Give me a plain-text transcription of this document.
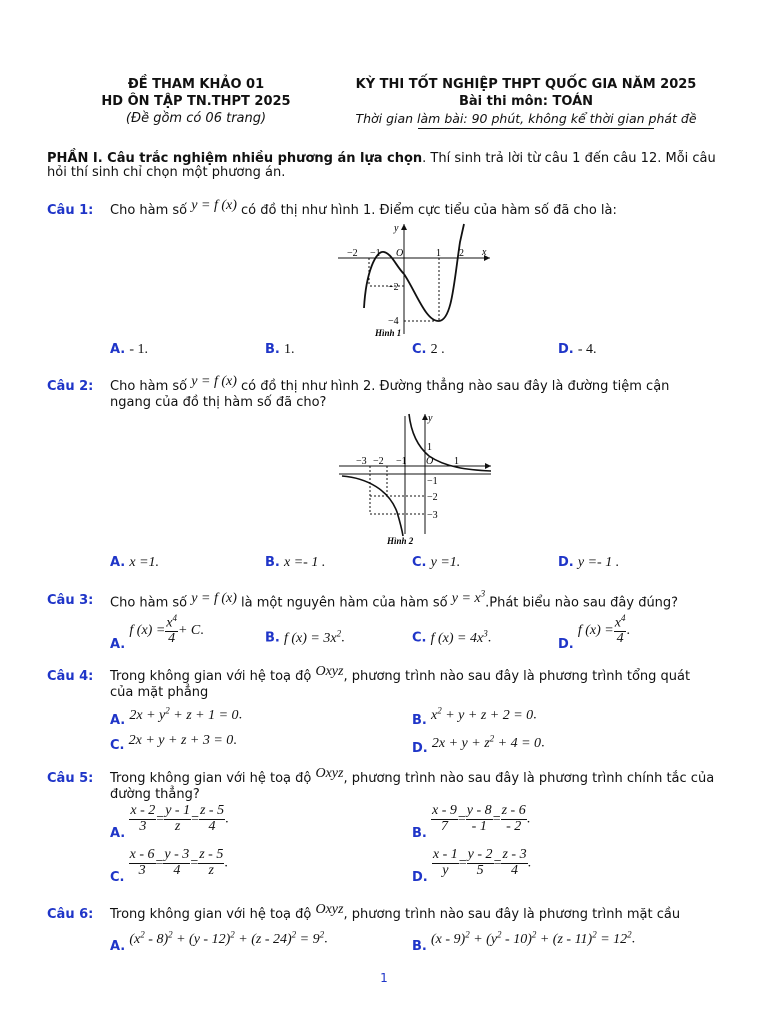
ĐỀ THAM KHẢO 01
HD ÔN TẬP TN.THPT 2025
(Đề gồm có 06 trang)
KỲ THI TỐT NGHIỆP THPT QUỐC GIA NĂM 2025
Bài thi môn: TOÁN
Thời gian làm bài: 90 phút, không kể thời gian phát đề
PHẦN I. Câu trắc nghiệm nhiều phương án lựa chọn. Thí sinh trả lời từ câu 1 đến câu 12. Mỗi câu
hỏi thí sinh chỉ chọn một phương án.
Câu 1: Cho hàm số y = f (x) có đồ thị như hình 1. Điểm cực tiểu của hàm số đã cho là:
y
x
−2 −1 O	1 2
−2
−4
Hình 1
A. - 1.	B. 1.	C. 2 .	D. - 4.
Câu 2: Cho hàm số y = f (x) có đồ thị như hình 2. Đường thẳng nào sau đây là đường tiệm cận
ngang của đồ thị hàm số đã cho?
y
1
−3 −2 −1 O 1
−1
−2
−3
Hình 2
A. x =1.	B. x =- 1 .	C. y =1.	D. y =- 1 .
Câu 3: Cho hàm số y = f (x) là một nguyên hàm của hàm số $y = x^3.Phát$ biểu nào sau đây đúng?
A. f $(x) = \frac{x^4}{4} + C$.
B. f $(x) = 3x^2$.	C. f $(x) = 4x^3$.	D. f $(x) = \frac{x^4}{4}$ .
Câu 4: Trong không gian với hệ toạ độ Oxyz, phương trình nào sau đây là phương trình tổng quát
của mặt phẳng
A. $2x + y^2 + z + 1 = 0$.	B. $x^2 + y + z + 2 = 0$.
C. 2x + y + z + 3 = 0.
D. $2x + y + z^2 + 4 = 0$.
Câu 5: Trong không gian với hệ toạ độ Oxyz, phương trình nào sau đây là phương trình chính tắc của
đường thẳng?
A. $\frac{x - 2}{3} = \frac{y - 1}{z} = \frac{z - 5}{4}$ .
B. $\frac{x - 9}{7} = \frac{y - 8}{- 1} = \frac{z - 6}{- 2}$ .
C. $\frac{x - 6}{3} = \frac{y - 3}{4} = \frac{z - 5}{z}$ .
D. $\frac{x - 1}{y} = \frac{y - 2}{5} = \frac{z - 3}{4}$ .
Câu 6: Trong không gian với hệ toạ độ Oxyz, phương trình nào sau đây là phương trình mặt cầu
A. $(x^2 - 8)^2 + (y - 12)^2 + (z - 24)^2 = 9^2$.	B. $(x - 9)^2 + (y^2 - 10)^2 + (z - 11)^2 = 12^2$.
1
